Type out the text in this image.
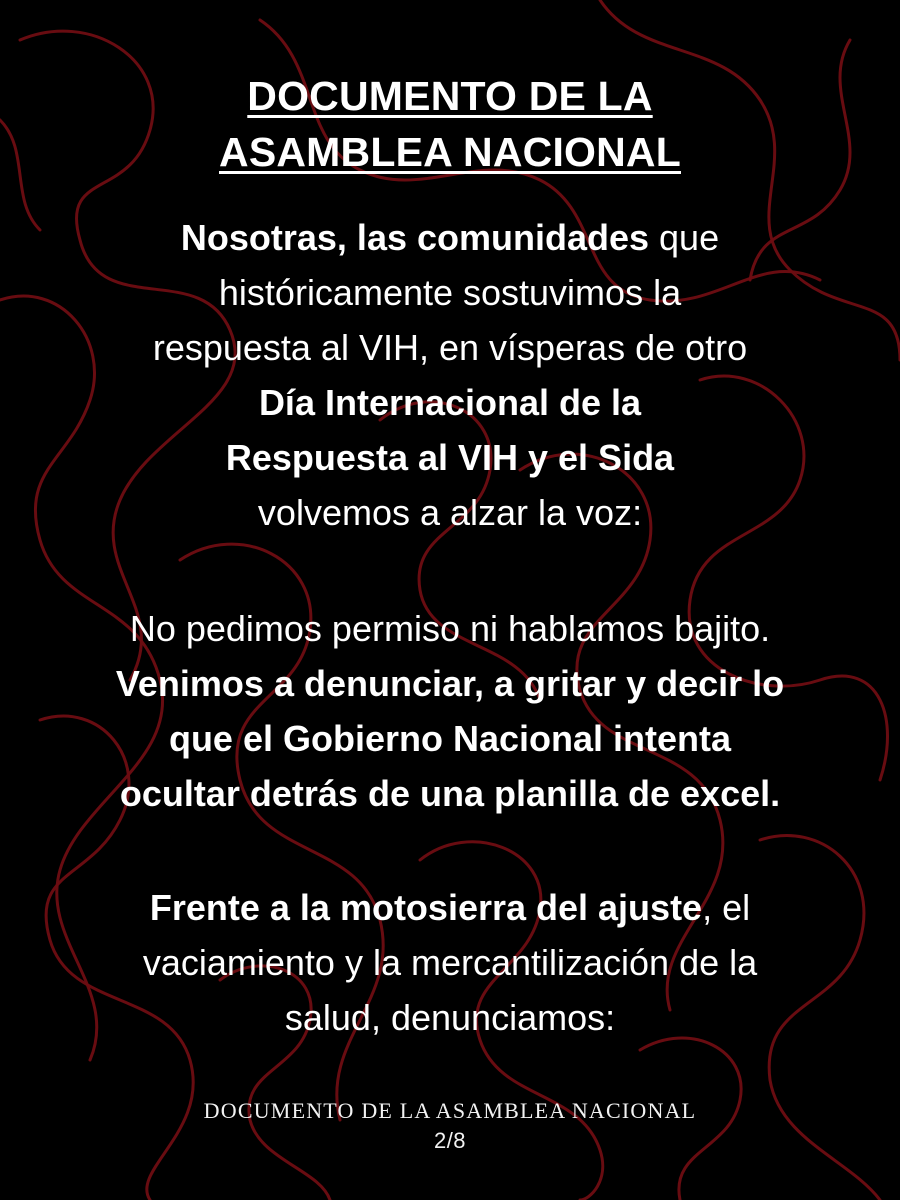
DOCUMENTO DE LA
ASAMBLEA NACIONAL
Nosotras, las comunidades que
históricamente sostuvimos la
respuesta al VIH, en vísperas de otro
Día Internacional de la
Respuesta al VIH y el Sida
volvemos a alzar la voz:
No pedimos permiso ni hablamos bajito.
Venimos a denunciar, a gritar y decir lo
que el Gobierno Nacional intenta
ocultar detrás de una planilla de excel.
Frente a la motosierra del ajuste, el
vaciamiento y la mercantilización de la
salud, denunciamos:
DOCUMENTO DE LA ASAMBLEA NACIONAL
2/8
